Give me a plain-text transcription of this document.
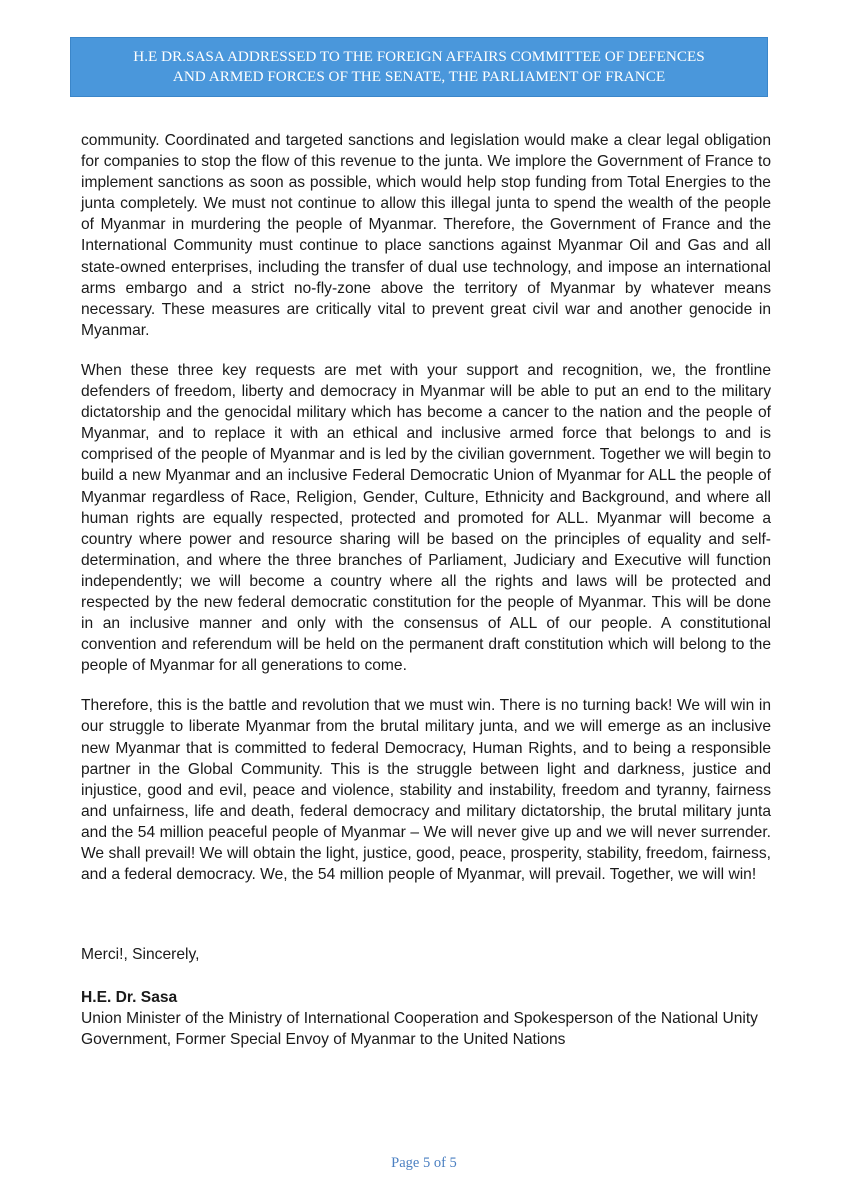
H.E DR.SASA ADDRESSED TO THE FOREIGN AFFAIRS COMMITTEE OF DEFENCES
AND ARMED FORCES OF THE SENATE, THE PARLIAMENT OF FRANCE

community. Coordinated and targeted sanctions and legislation would make a clear legal obligation for companies to stop the flow of this revenue to the junta. We implore the Government of France to implement sanctions as soon as possible, which would help stop funding from Total Energies to the junta completely. We must not continue to allow this illegal junta to spend the wealth of the people of Myanmar in murdering the people of Myanmar. Therefore, the Government of France and the International Community must continue to place sanctions against Myanmar Oil and Gas and all state-owned enterprises, including the transfer of dual use technology, and impose an international arms embargo and a strict no-fly-zone above the territory of Myanmar by whatever means necessary. These measures are critically vital to prevent great civil war and another genocide in Myanmar.

When these three key requests are met with your support and recognition, we, the frontline defenders of freedom, liberty and democracy in Myanmar will be able to put an end to the military dictatorship and the genocidal military which has become a cancer to the nation and the people of Myanmar, and to replace it with an ethical and inclusive armed force that belongs to and is comprised of the people of Myanmar and is led by the civilian government. Together we will begin to build a new Myanmar and an inclusive Federal Democratic Union of Myanmar for ALL the people of Myanmar regardless of Race, Religion, Gender, Culture, Ethnicity and Background, and where all human rights are equally respected, protected and promoted for ALL. Myanmar will become a country where power and resource sharing will be based on the principles of equality and self-determination, and where the three branches of Parliament, Judiciary and Executive will function independently; we will become a country where all the rights and laws will be protected and respected by the new federal democratic constitution for the people of Myanmar. This will be done in an inclusive manner and only with the consensus of ALL of our people. A constitutional convention and referendum will be held on the permanent draft constitution which will belong to the people of Myanmar for all generations to come.

Therefore, this is the battle and revolution that we must win. There is no turning back! We will win in our struggle to liberate Myanmar from the brutal military junta, and we will emerge as an inclusive new Myanmar that is committed to federal Democracy, Human Rights, and to being a responsible partner in the Global Community. This is the struggle between light and darkness, justice and injustice, good and evil, peace and violence, stability and instability, freedom and tyranny, fairness and unfairness, life and death, federal democracy and military dictatorship, the brutal military junta and the 54 million peaceful people of Myanmar – We will never give up and we will never surrender. We shall prevail! We will obtain the light, justice, good, peace, prosperity, stability, freedom, fairness, and a federal democracy. We, the 54 million people of Myanmar, will prevail. Together, we will win!

Merci!, Sincerely,
H.E. Dr. Sasa
Union Minister of the Ministry of International Cooperation and Spokesperson of the National Unity Government, Former Special Envoy of Myanmar to the United Nations
Page 5 of 5
